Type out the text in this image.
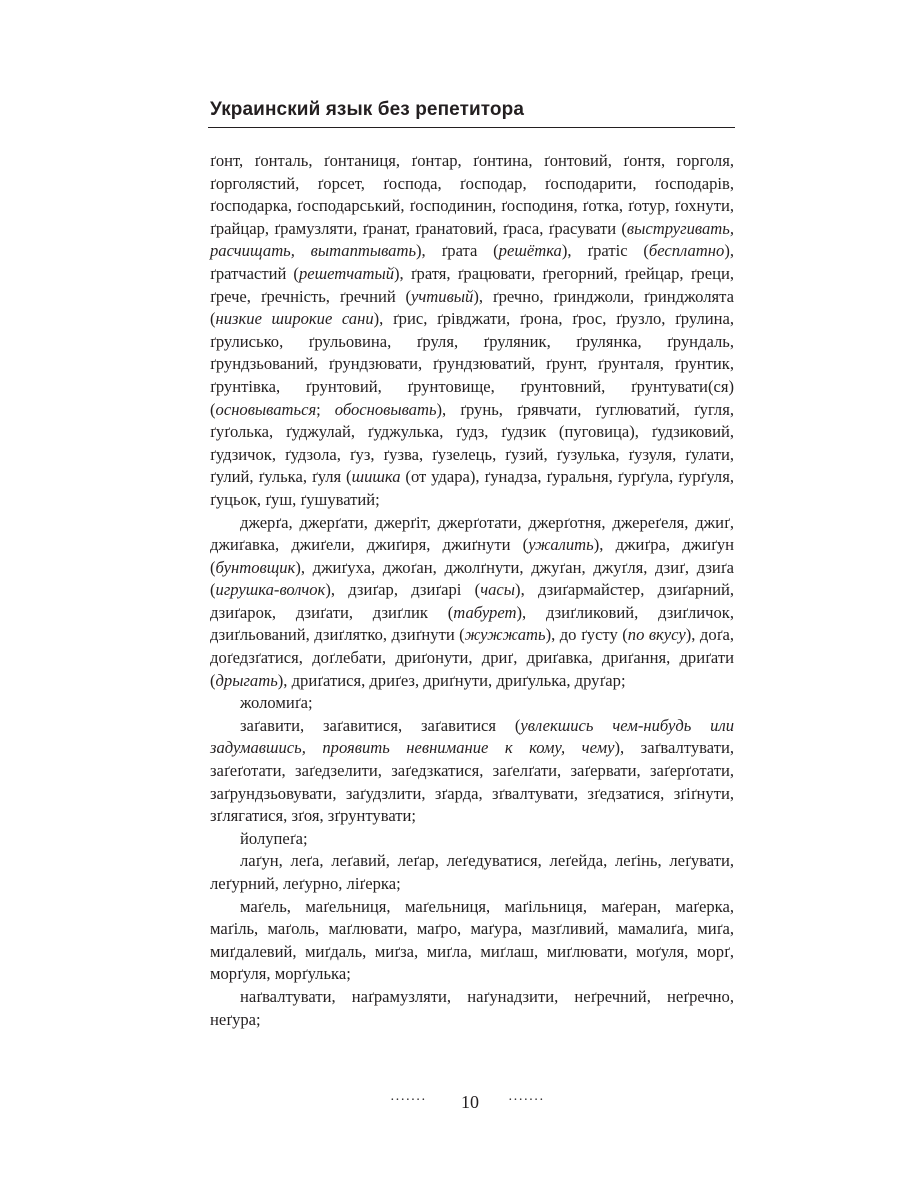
Украинский язык без репетитора

ґонт, ґонталь, ґонтаниця, ґонтар, ґонтина, ґонтовий, ґонтя, горголя, ґорголястий, ґорсет, ґоспода, ґосподар, ґосподарити, ґосподарів, ґосподарка, ґосподарський, ґосподинин, ґосподиня, ґотка, ґотур, ґохнути, ґрайцар, ґрамузляти, ґранат, ґранатовий, ґраса, ґрасувати (выстругивать, расчищать, вытаптывать), ґрата (решётка), ґратіс (бесплатно), ґратчастий (решетчатый), ґратя, ґрацювати, ґрегорний, ґрейцар, ґреци, ґрече, ґречність, ґречний (учтивый), ґречно, ґринджоли, ґринджолята (низкие широкие сани), ґрис, ґрівджати, ґрона, ґрос, ґрузло, ґрулина, ґрулисько, ґрульовина, ґруля, ґруляник, ґрулянка, ґрундаль, ґрундзьований, ґрундзювати, ґрундзюватий, ґрунт, ґрунталя, ґрунтик, ґрунтівка, ґрунтовий, ґрунтовище, ґрунтовний, ґрунтувати(ся) (основываться; обосновывать), ґрунь, ґрявчати, ґуглюватий, ґугля, ґуґолька, ґуджулай, ґуджулька, ґудз, ґудзик (пуговица), ґудзиковий, ґудзичок, ґудзола, ґуз, ґузва, ґузелець, ґузий, ґузулька, ґузуля, ґулати, ґулий, ґулька, ґуля (шишка (от удара), ґунадза, ґуральня, ґурґула, ґурґуля, ґуцьок, ґуш, ґушуватий;

джерґа, джерґати, джерґіт, джерґотати, джерґотня, джереґеля, джиґ, джиґавка, джиґели, джиґиря, джиґнути (ужалить), джиґра, джиґун (бунтовщик), джиґуха, джоґан, джолґнути, джуґан, джуґля, дзиґ, дзиґа (игрушка-волчок), дзиґар, дзиґарі (часы), дзиґармайстер, дзиґарний, дзиґарок, дзиґати, дзиґлик (табурет), дзиґликовий, дзиґличок, дзиґльований, дзиґлятко, дзиґнути (жужжать), до ґусту (по вкусу), доґа, доґедзґатися, доґлебати, дриґонути, дриґ, дриґавка, дриґання, дриґати (дрыгать), дриґатися, дриґез, дриґнути, дриґулька, друґар;

жоломиґа;

заґавити, заґавитися, заґавитися (увлекшись чем-нибудь или задумавшись, проявить невнимание к кому, чему), заґвалтувати, заґеґотати, заґедзелити, заґедзкатися, заґелґати, заґервати, заґерґотати, заґрундзьовувати, заґудзлити, зґарда, зґвалтувати, зґедзатися, зґіґнути, зґлягатися, зґоя, зґрунтувати;

йолупеґа;

лаґун, леґа, леґавий, леґар, леґедуватися, леґейда, леґінь, леґувати, леґурний, леґурно, ліґерка;

маґель, маґельниця, маґельниця, маґільниця, маґеран, маґерка, маґіль, маґоль, маґлювати, маґро, маґура, мазґливий, мамалиґа, миґа, миґдалевий, миґдаль, миґза, миґла, миґлаш, миґлювати, моґуля, морґ, морґуля, морґулька;

наґвалтувати, наґрамузляти, наґунадзити, неґречний, неґречно, неґура;

·······	10	·······
